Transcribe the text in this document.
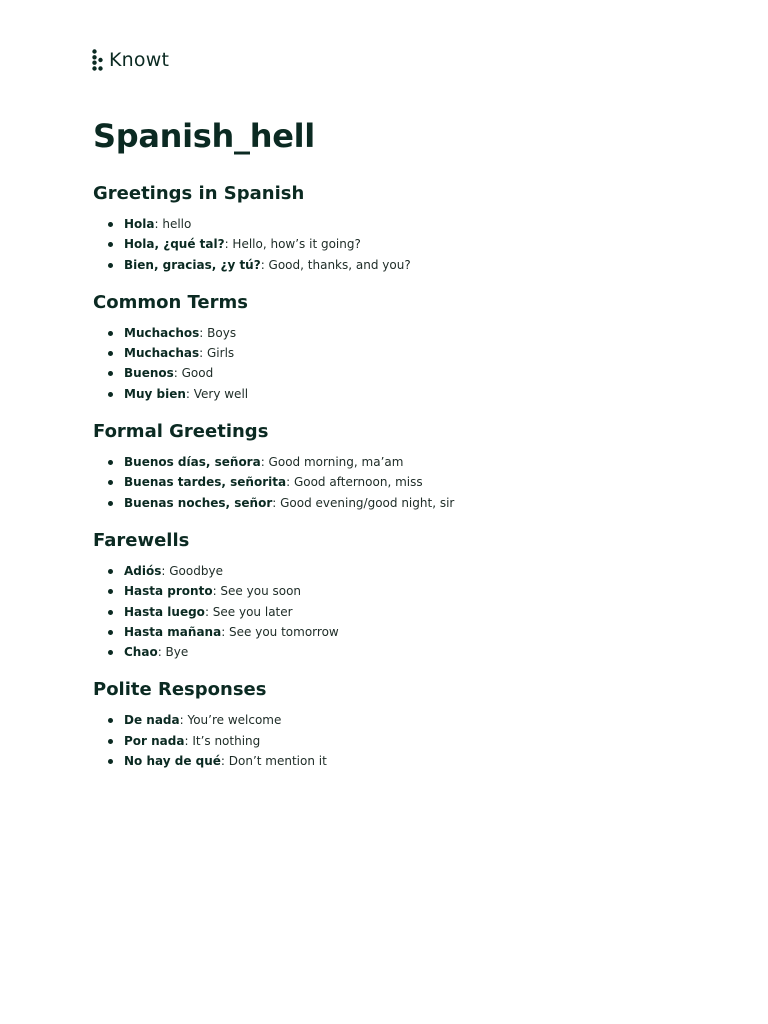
Knowt
Spanish_hell
Greetings in Spanish
Hola: hello
Hola, ¿qué tal?: Hello, how’s it going?
Bien, gracias, ¿y tú?: Good, thanks, and you?
Common Terms
Muchachos: Boys
Muchachas: Girls
Buenos: Good
Muy bien: Very well
Formal Greetings
Buenos días, señora: Good morning, ma’am
Buenas tardes, señorita: Good afternoon, miss
Buenas noches, señor: Good evening/good night, sir
Farewells
Adiós: Goodbye
Hasta pronto: See you soon
Hasta luego: See you later
Hasta mañana: See you tomorrow
Chao: Bye
Polite Responses
De nada: You’re welcome
Por nada: It’s nothing
No hay de qué: Don’t mention it
